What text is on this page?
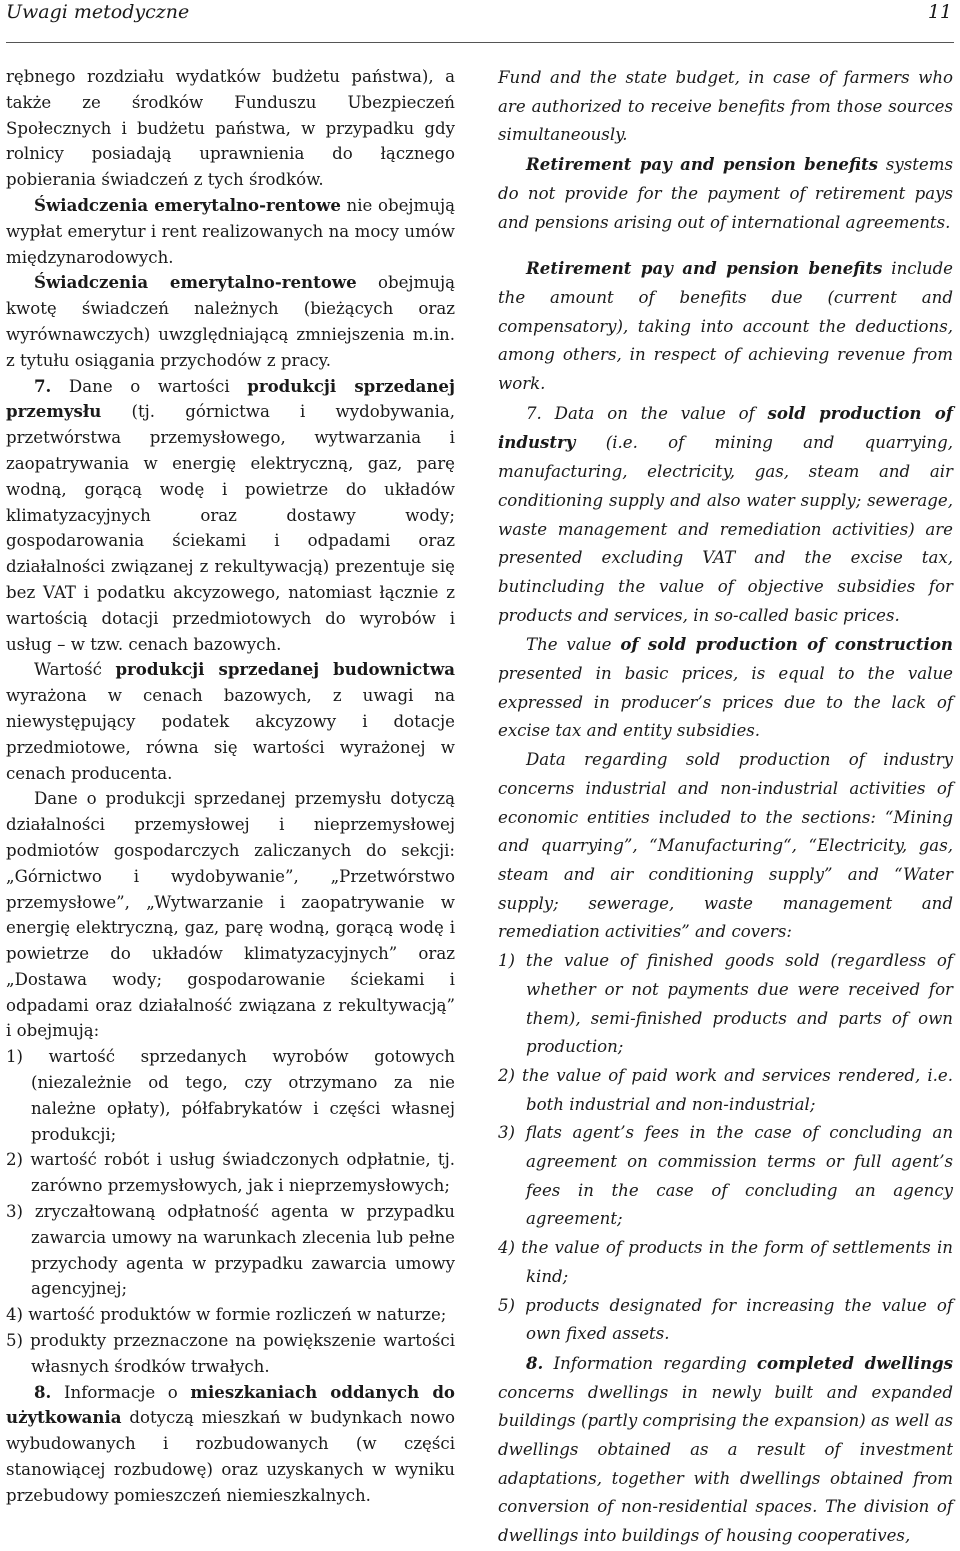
Uwagi metodyczne	11

rębnego rozdziału wydatków budżetu państwa), a także ze środków Funduszu Ubezpieczeń Społecznych i budżetu państwa, w przypadku gdy rolnicy posiadają uprawnienia do łącznego pobierania świadczeń z tych środków.

Świadczenia emerytalno-rentowe nie obejmują wypłat emerytur i rent realizowanych na mocy umów międzynarodowych.

Świadczenia emerytalno-rentowe obejmują kwotę świadczeń należnych (bieżących oraz wyrównawczych) uwzględniającą zmniejszenia m.in. z tytułu osiągania przychodów z pracy.

7. Dane o wartości produkcji sprzedanej przemysłu (tj. górnictwa i wydobywania, przetwórstwa przemysłowego, wytwarzania i zaopatrywania w energię elektryczną, gaz, parę wodną, gorącą wodę i powietrze do układów klimatyzacyjnych oraz dostawy wody; gospodarowania ściekami i odpadami oraz działalności związanej z rekultywacją) prezentuje się bez VAT i podatku akcyzowego, natomiast łącznie z wartością dotacji przedmiotowych do wyrobów i usług – w tzw. cenach bazowych.

Wartość produkcji sprzedanej budownictwa wyrażona w cenach bazowych, z uwagi na niewystępujący podatek akcyzowy i dotacje przedmiotowe, równa się wartości wyrażonej w cenach producenta.

Dane o produkcji sprzedanej przemysłu dotyczą działalności przemysłowej i nieprzemysłowej podmiotów gospodarczych zaliczanych do sekcji: „Górnictwo i wydobywanie”, „Przetwórstwo przemysłowe”, „Wytwarzanie i zaopatrywanie w energię elektryczną, gaz, parę wodną, gorącą wodę i powietrze do układów klimatyzacyjnych” oraz „Dostawa wody; gospodarowanie ściekami i odpadami oraz działalność związana z rekultywacją” i obejmują:

1) wartość sprzedanych wyrobów gotowych (niezależnie od tego, czy otrzymano za nie należne opłaty), półfabrykatów i części własnej produkcji;
2) wartość robót i usług świadczonych odpłatnie, tj. zarówno przemysłowych, jak i nieprzemysłowych;
3) zryczałtowaną odpłatność agenta w przypadku zawarcia umowy na warunkach zlecenia lub pełne przychody agenta w przypadku zawarcia umowy agencyjnej;
4) wartość produktów w formie rozliczeń w naturze;
5) produkty przeznaczone na powiększenie wartości własnych środków trwałych.

8. Informacje o mieszkaniach oddanych do użytkowania dotyczą mieszkań w budynkach nowo wybudowanych i rozbudowanych (w części stanowiącej rozbudowę) oraz uzyskanych w wyniku przebudowy pomieszczeń niemieszkalnych.

Fund and the state budget, in case of farmers who are authorized to receive benefits from those sources simultaneously.

Retirement pay and pension benefits systems do not provide for the payment of retirement pays and pensions arising out of international agreements.

Retirement pay and pension benefits include the amount of benefits due (current and compensatory), taking into account the deductions, among others, in respect of achieving revenue from work.

7. Data on the value of sold production of industry (i.e. of mining and quarrying, manufacturing, electricity, gas, steam and air conditioning supply and also water supply; sewerage, waste management and remediation activities) are presented excluding VAT and the excise tax, butincluding the value of objective subsidies for products and services, in so-called basic prices.

The value of sold production of construction presented in basic prices, is equal to the value expressed in producer’s prices due to the lack of excise tax and entity subsidies.

Data regarding sold production of industry concerns industrial and non-industrial activities of economic entities included to the sections: “Mining and quarrying”, “Manufacturing“, “Electricity, gas, steam and air conditioning supply” and “Water supply; sewerage, waste management and remediation activities” and covers:

1) the value of finished goods sold (regardless of whether or not payments due were received for them), semi-finished products and parts of own production;
2) the value of paid work and services rendered, i.e. both industrial and non-industrial;
3) flats agent’s fees in the case of concluding an agreement on commission terms or full agent’s fees in the case of concluding an agency agreement;
4) the value of products in the form of settlements in kind;
5) products designated for increasing the value of own fixed assets.

8. Information regarding completed dwellings concerns dwellings in newly built and expanded buildings (partly comprising the expansion) as well as dwellings obtained as a result of investment adaptations, together with dwellings obtained from conversion of non-residential spaces. The division of dwellings into buildings of housing cooperatives,
